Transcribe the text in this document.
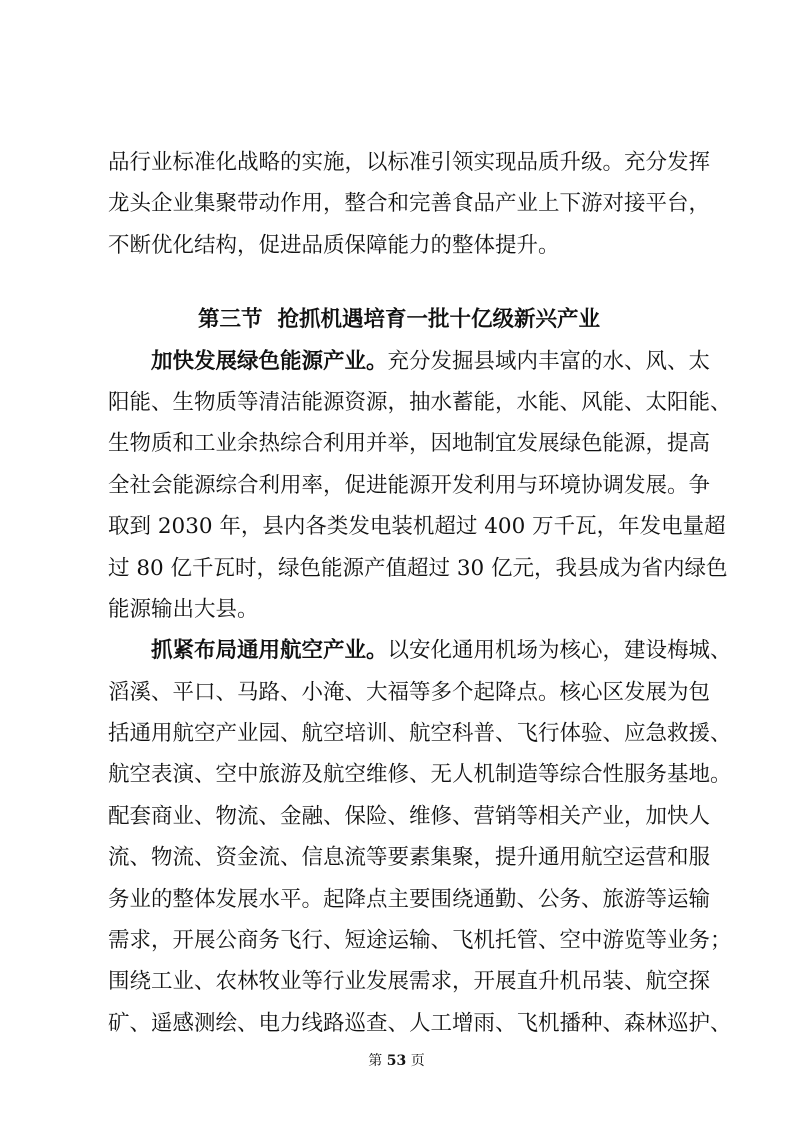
品行业标准化战略的实施，以标准引领实现品质升级。充分发挥
龙头企业集聚带动作用，整合和完善食品产业上下游对接平台，
不断优化结构，促进品质保障能力的整体提升。
第三节  抢抓机遇培育一批十亿级新兴产业
加快发展绿色能源产业。充分发掘县域内丰富的水、风、太
阳能、生物质等清洁能源资源，抽水蓄能，水能、风能、太阳能、
生物质和工业余热综合利用并举，因地制宜发展绿色能源，提高
全社会能源综合利用率，促进能源开发利用与环境协调发展。争
取到 2030 年，县内各类发电装机超过 400 万千瓦，年发电量超
过 80 亿千瓦时，绿色能源产值超过 30 亿元，我县成为省内绿色
能源输出大县。
抓紧布局通用航空产业。以安化通用机场为核心，建设梅城、
滔溪、平口、马路、小淹、大福等多个起降点。核心区发展为包
括通用航空产业园、航空培训、航空科普、飞行体验、应急救援、
航空表演、空中旅游及航空维修、无人机制造等综合性服务基地。
配套商业、物流、金融、保险、维修、营销等相关产业，加快人
流、物流、资金流、信息流等要素集聚，提升通用航空运营和服
务业的整体发展水平。起降点主要围绕通勤、公务、旅游等运输
需求，开展公商务飞行、短途运输、飞机托管、空中游览等业务；
围绕工业、农林牧业等行业发展需求，开展直升机吊装、航空探
矿、遥感测绘、电力线路巡查、人工增雨、飞机播种、森林巡护、
第 53 页
